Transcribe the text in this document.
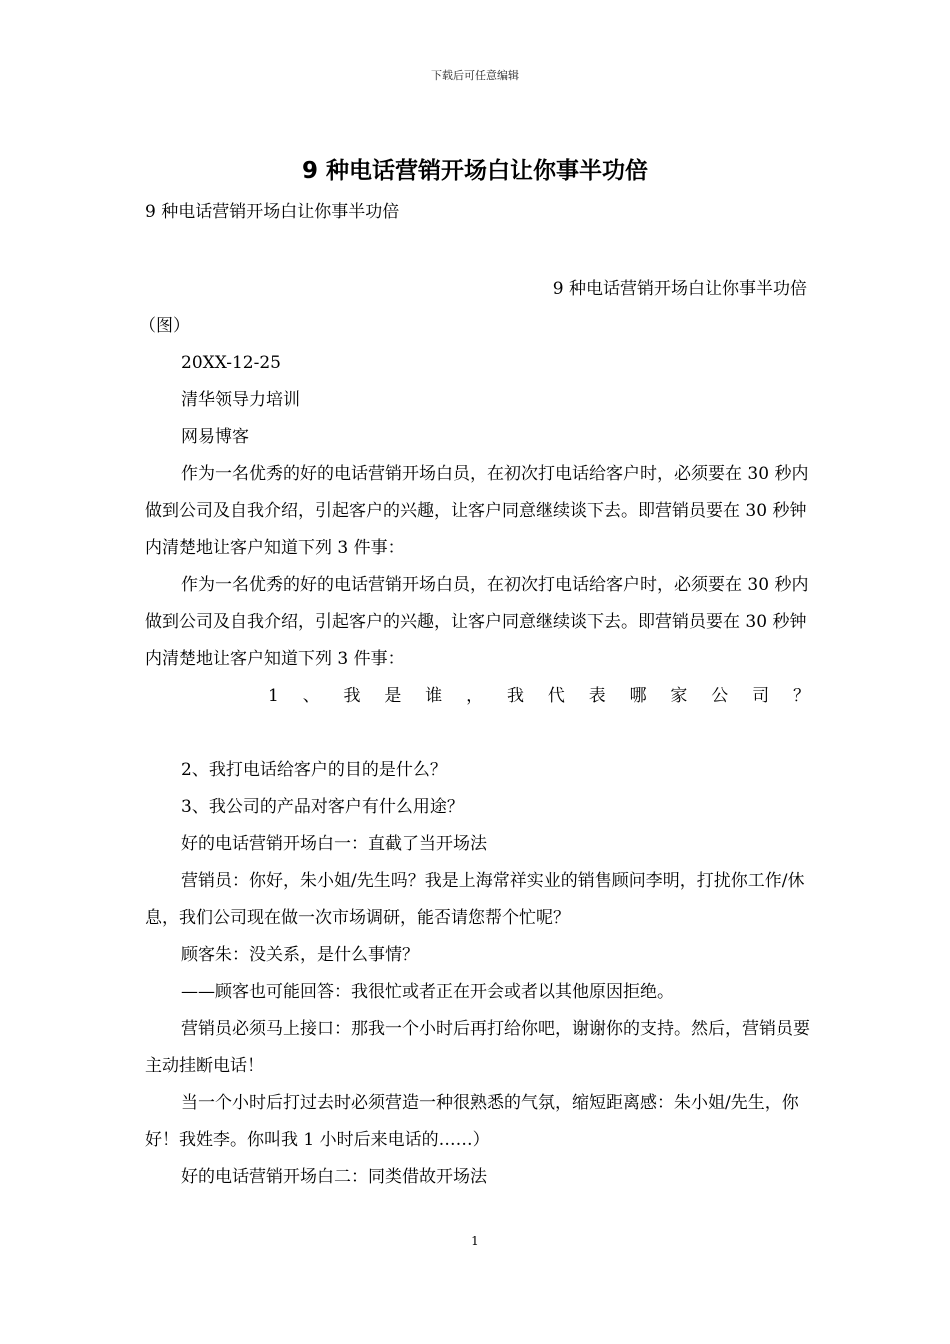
下载后可任意编辑
9 种电话营销开场白让你事半功倍

9 种电话营销开场白让你事半功倍

9 种电话营销开场白让你事半功倍

（图）

20XX-12-25

清华领导力培训

网易博客

作为一名优秀的好的电话营销开场白员，在初次打电话给客户时，必须要在 30 秒内做到公司及自我介绍，引起客户的兴趣，让客户同意继续谈下去。即营销员要在 30 秒钟内清楚地让客户知道下列 3 件事：

作为一名优秀的好的电话营销开场白员，在初次打电话给客户时，必须要在 30 秒内做到公司及自我介绍，引起客户的兴趣，让客户同意继续谈下去。即营销员要在 30 秒钟内清楚地让客户知道下列 3 件事：

1 、 我 是 谁 ， 我 代 表 哪 家 公 司 ？

2、我打电话给客户的目的是什么？

3、我公司的产品对客户有什么用途？

好的电话营销开场白一：直截了当开场法

营销员：你好，朱小姐/先生吗？我是上海常祥实业的销售顾问李明，打扰你工作/休息，我们公司现在做一次市场调研，能否请您帮个忙呢？

顾客朱：没关系，是什么事情？

——顾客也可能回答：我很忙或者正在开会或者以其他原因拒绝。

营销员必须马上接口：那我一个小时后再打给你吧，谢谢你的支持。然后，营销员要主动挂断电话！

当一个小时后打过去时必须营造一种很熟悉的气氛，缩短距离感：朱小姐/先生，你好！我姓李。你叫我 1 小时后来电话的……）

好的电话营销开场白二：同类借故开场法

1
